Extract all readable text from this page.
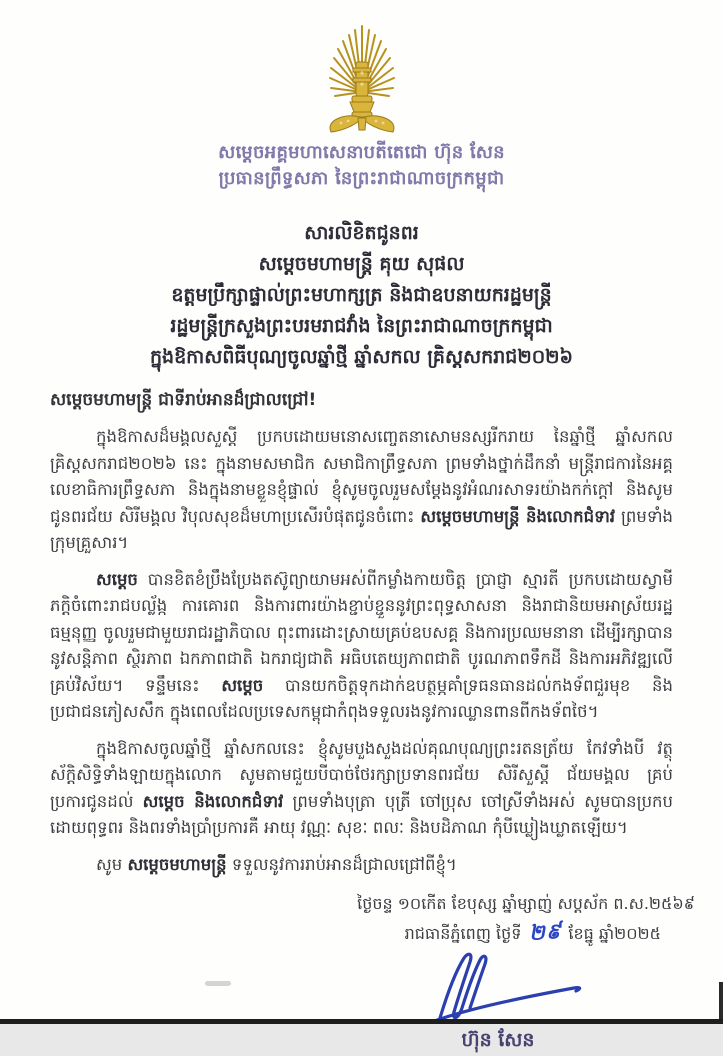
សម្តេចអគ្គមហាសេនាបតីតេជោ ហ៊ុន សែន
ប្រធានព្រឹទ្ធសភា នៃព្រះរាជាណាចក្រកម្ពុជា
សារលិខិតជូនពរ
សម្តេចមហាមន្ត្រី គុយ សុផល
ឧត្តមប្រឹក្សាផ្ទាល់ព្រះមហាក្សត្រ និងជាឧបនាយករដ្ឋមន្ត្រី
រដ្ឋមន្ត្រីក្រសួងព្រះបរមរាជវាំង នៃព្រះរាជាណាចក្រកម្ពុជា
ក្នុងឱកាសពិធីបុណ្យចូលឆ្នាំថ្មី ឆ្នាំសកល គ្រិស្តសករាជ២០២៦
សម្តេចមហាមន្ត្រី ជាទីរាប់អានដ៏ជ្រាលជ្រៅ!
ក្នុងឱកាសដ៏មង្គលសួស្តី ប្រកបដោយមនោសញ្ចេតនាសោមនស្សរីករាយ នៃឆ្នាំថ្មី ឆ្នាំសកល គ្រិស្តសករាជ២០២៦ នេះ ក្នុងនាមសមាជិក សមាជិកាព្រឹទ្ធសភា ព្រមទាំងថ្នាក់ដឹកនាំ មន្ត្រីរាជការនៃអគ្គលេខាធិការព្រឹទ្ធសភា និងក្នុងនាមខ្លួនខ្ញុំផ្ទាល់ ខ្ញុំសូមចូលរួមសម្តែងនូវអំណរសាទរយ៉ាងកក់ក្តៅ និងសូមជូនពរជ័យ សិរីមង្គល វិបុលសុខដ៏មហាប្រសើរបំផុតជូនចំពោះ សម្តេចមហាមន្ត្រី និងលោកជំទាវ ព្រមទាំងក្រុមគ្រួសារ។
សម្តេច បានខិតខំប្រឹងប្រែងតស៊ូព្យាយាមអស់ពីកម្លាំងកាយចិត្ត ប្រាជ្ញា ស្មារតី ប្រកបដោយស្វាមីភក្តិចំពោះរាជបល្ល័ង្ក ការគោរព និងការពារយ៉ាងខ្ជាប់ខ្ជួននូវព្រះពុទ្ធសាសនា និងរាជានិយមអាស្រ័យរដ្ឋធម្មនុញ្ញ ចូលរួមជាមួយរាជរដ្ឋាភិបាល ពុះពារដោះស្រាយគ្រប់ឧបសគ្គ និងការប្រឈមនានា ដើម្បីរក្សាបាននូវសន្តិភាព ស្ថិរភាព ឯកភាពជាតិ ឯករាជ្យជាតិ អធិបតេយ្យភាពជាតិ បូរណភាពទឹកដី និងការអភិវឌ្ឍលើគ្រប់វិស័យ។ ទន្ទឹមនេះ សម្តេច បានយកចិត្តទុកដាក់ឧបត្ថម្ភគាំទ្រធនធានដល់កងទ័ពជួរមុខ និងប្រជាជនភៀសសឹក ក្នុងពេលដែលប្រទេសកម្ពុជាកំពុងទទួលរងនូវការឈ្លានពានពីកងទ័ពថៃ។
ក្នុងឱកាសចូលឆ្នាំថ្មី ឆ្នាំសកលនេះ ខ្ញុំសូមបួងសួងដល់គុណបុណ្យព្រះរតនត្រ័យ កែវទាំងបី វត្ថុស័ក្តិសិទ្ធិទាំងឡាយក្នុងលោក សូមតាមជួយបីបាច់ថែរក្សាប្រទានពរជ័យ សិរីសួស្តី ជ័យមង្គល គ្រប់ប្រការជូនដល់ សម្តេច និងលោកជំទាវ ព្រមទាំងបុត្រា បុត្រី ចៅប្រុស ចៅស្រីទាំងអស់ សូមបានប្រកបដោយពុទ្ធពរ និងពរទាំងប្រាំប្រការគឺ អាយុ វណ្ណៈ សុខៈ ពលៈ និងបដិភាណ កុំបីឃ្លៀងឃ្លាតឡើយ។
សូម សម្តេចមហាមន្ត្រី ទទួលនូវការរាប់អានដ៏ជ្រាលជ្រៅពីខ្ញុំ។
ថ្ងៃចន្ទ ១០កើត ខែបុស្ស ឆ្នាំម្សាញ់ សប្តស័ក ព.ស.២៥៦៩
រាជធានីភ្នំពេញ ថ្ងៃទី ២៩ ខែធ្នូ ឆ្នាំ២០២៥
ហ៊ុន សែន
